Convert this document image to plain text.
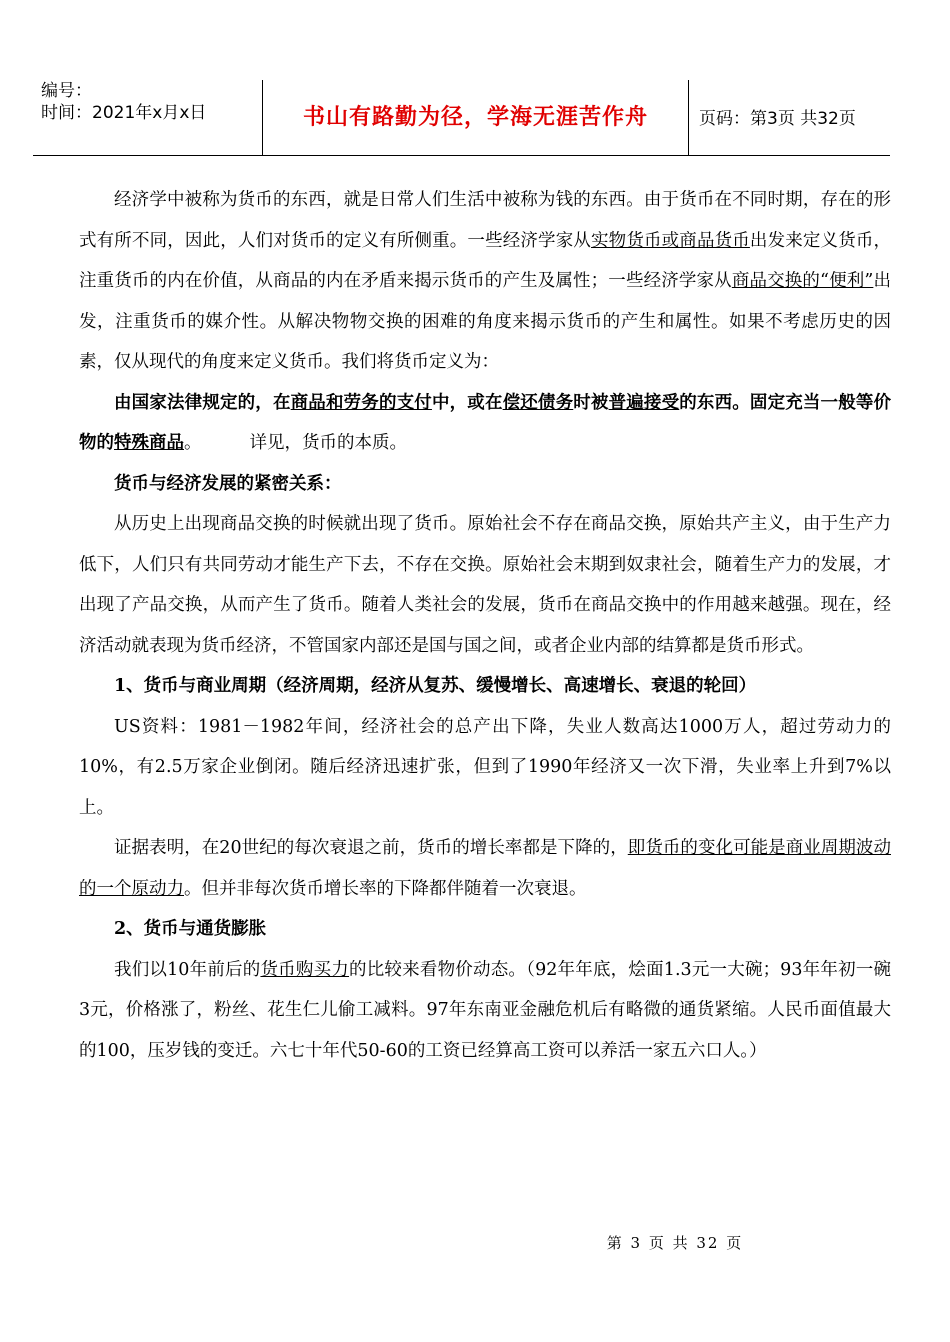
编号：
时间：2021年x月x日	书山有路勤为径，学海无涯苦作舟	页码：第3页 共32页

经济学中被称为货币的东西，就是日常人们生活中被称为钱的东西。由于货币在不同时期，存在的形式有所不同，因此，人们对货币的定义有所侧重。一些经济学家从实物货币或商品货币出发来定义货币，注重货币的内在价值，从商品的内在矛盾来揭示货币的产生及属性；一些经济学家从商品交换的“便利”出发，注重货币的媒介性。从解决物物交换的困难的角度来揭示货币的产生和属性。如果不考虑历史的因素，仅从现代的角度来定义货币。我们将货币定义为：

由国家法律规定的，在商品和劳务的支付中，或在偿还债务时被普遍接受的东西。固定充当一般等价物的特殊商品。	详见，货币的本质。

货币与经济发展的紧密关系：

从历史上出现商品交换的时候就出现了货币。原始社会不存在商品交换，原始共产主义，由于生产力低下，人们只有共同劳动才能生产下去，不存在交换。原始社会末期到奴隶社会，随着生产力的发展，才出现了产品交换，从而产生了货币。随着人类社会的发展，货币在商品交换中的作用越来越强。现在，经济活动就表现为货币经济，不管国家内部还是国与国之间，或者企业内部的结算都是货币形式。

1、货币与商业周期（经济周期，经济从复苏、缓慢增长、高速增长、衰退的轮回）

US资料：1981－1982年间，经济社会的总产出下降，失业人数高达1000万人，超过劳动力的10%，有2.5万家企业倒闭。随后经济迅速扩张，但到了1990年经济又一次下滑，失业率上升到7%以上。

证据表明，在20世纪的每次衰退之前，货币的增长率都是下降的，即货币的变化可能是商业周期波动的一个原动力。但并非每次货币增长率的下降都伴随着一次衰退。

2、货币与通货膨胀

我们以10年前后的货币购买力的比较来看物价动态。（92年年底，烩面1.3元一大碗；93年年初一碗3元，价格涨了，粉丝、花生仁儿偷工减料。97年东南亚金融危机后有略微的通货紧缩。人民币面值最大的100，压岁钱的变迁。六七十年代50-60的工资已经算高工资可以养活一家五六口人。）

第 3 页 共 32 页
